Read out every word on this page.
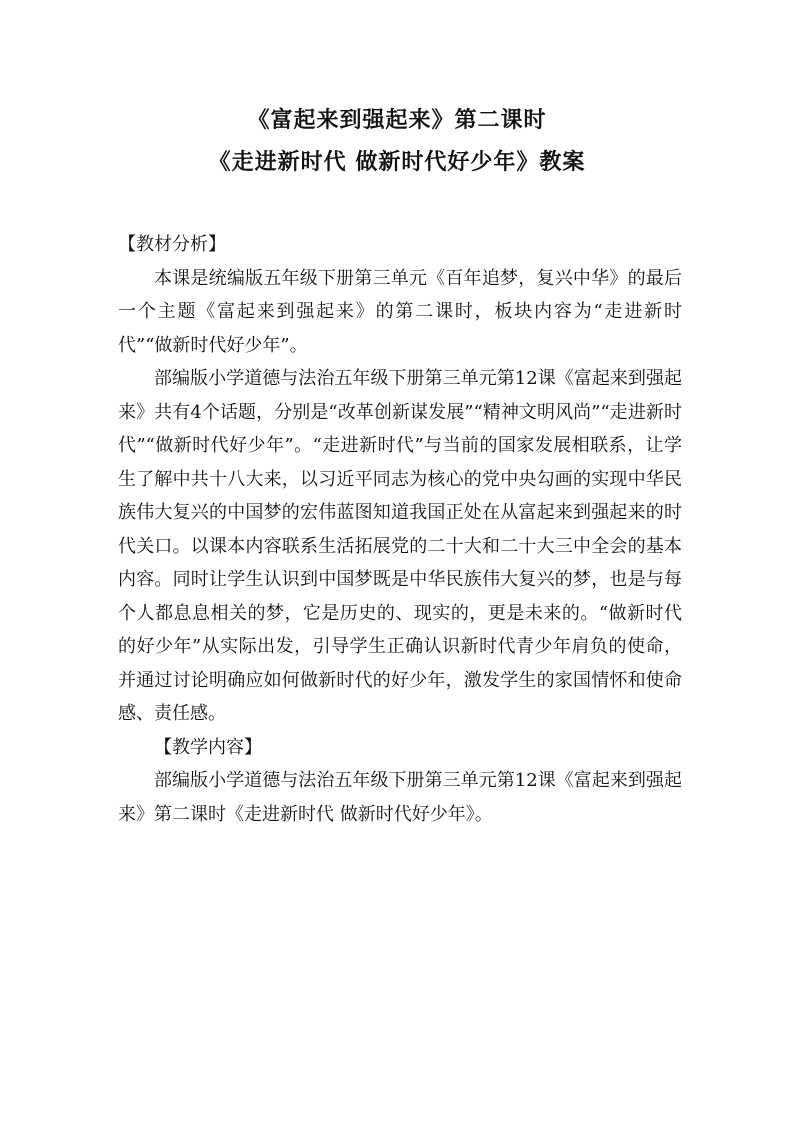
《富起来到强起来》第二课时
《走进新时代 做新时代好少年》教案

【教材分析】

本课是统编版五年级下册第三单元《百年追梦，复兴中华》的最后一个主题《富起来到强起来》的第二课时，板块内容为“走进新时代”“做新时代好少年”。

部编版小学道德与法治五年级下册第三单元第12课《富起来到强起来》共有4个话题，分别是“改革创新谋发展”“精神文明风尚”“走进新时代”“做新时代好少年”。“走进新时代”与当前的国家发展相联系，让学生了解中共十八大来，以习近平同志为核心的党中央勾画的实现中华民族伟大复兴的中国梦的宏伟蓝图知道我国正处在从富起来到强起来的时代关口。以课本内容联系生活拓展党的二十大和二十大三中全会的基本内容。同时让学生认识到中国梦既是中华民族伟大复兴的梦，也是与每个人都息息相关的梦，它是历史的、现实的，更是未来的。“做新时代的好少年”从实际出发，引导学生正确认识新时代青少年肩负的使命，并通过讨论明确应如何做新时代的好少年，激发学生的家国情怀和使命感、责任感。

【教学内容】

部编版小学道德与法治五年级下册第三单元第12课《富起来到强起来》第二课时《走进新时代 做新时代好少年》。
